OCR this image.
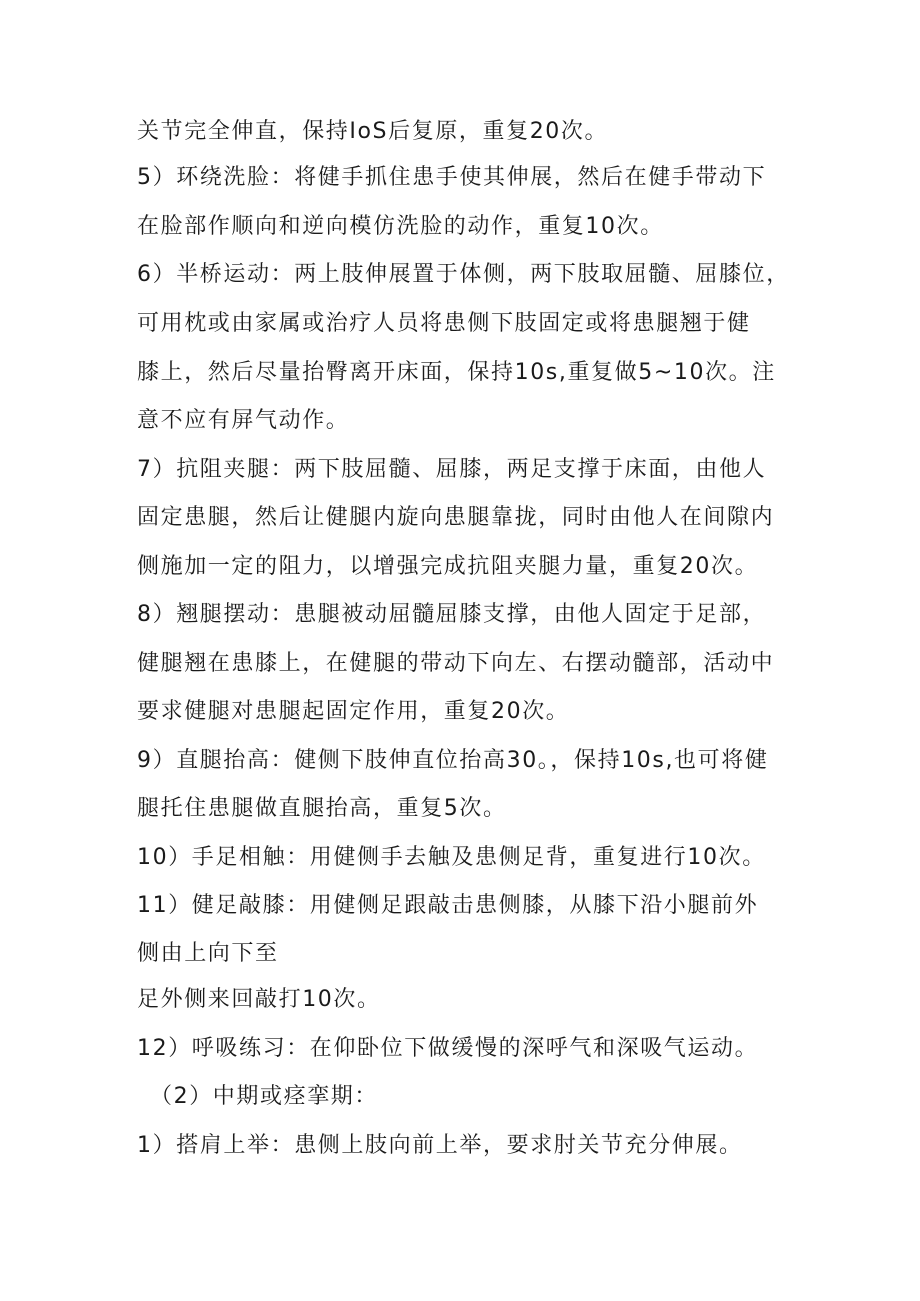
关节完全伸直，保持IoS后复原，重复20次。
5）环绕洗脸：将健手抓住患手使其伸展，然后在健手带动下
在脸部作顺向和逆向模仿洗脸的动作，重复10次。
6）半桥运动：两上肢伸展置于体侧，两下肢取屈髓、屈膝位，
可用枕或由家属或治疗人员将患侧下肢固定或将患腿翘于健
膝上，然后尽量抬臀离开床面，保持10s,重复做5~10次。注
意不应有屏气动作。
7）抗阻夹腿：两下肢屈髓、屈膝，两足支撑于床面，由他人
固定患腿，然后让健腿内旋向患腿靠拢，同时由他人在间隙内
侧施加一定的阻力，以增强完成抗阻夹腿力量，重复20次。
8）翘腿摆动：患腿被动屈髓屈膝支撑，由他人固定于足部，
健腿翘在患膝上，在健腿的带动下向左、右摆动髓部，活动中
要求健腿对患腿起固定作用，重复20次。
9）直腿抬高：健侧下肢伸直位抬高30。，保持10s,也可将健
腿托住患腿做直腿抬高，重复5次。
10）手足相触：用健侧手去触及患侧足背，重复进行10次。
11）健足敲膝：用健侧足跟敲击患侧膝，从膝下沿小腿前外
侧由上向下至
足外侧来回敲打10次。
12）呼吸练习：在仰卧位下做缓慢的深呼气和深吸气运动。
（2）中期或痉挛期：
1）搭肩上举：患侧上肢向前上举，要求肘关节充分伸展。
